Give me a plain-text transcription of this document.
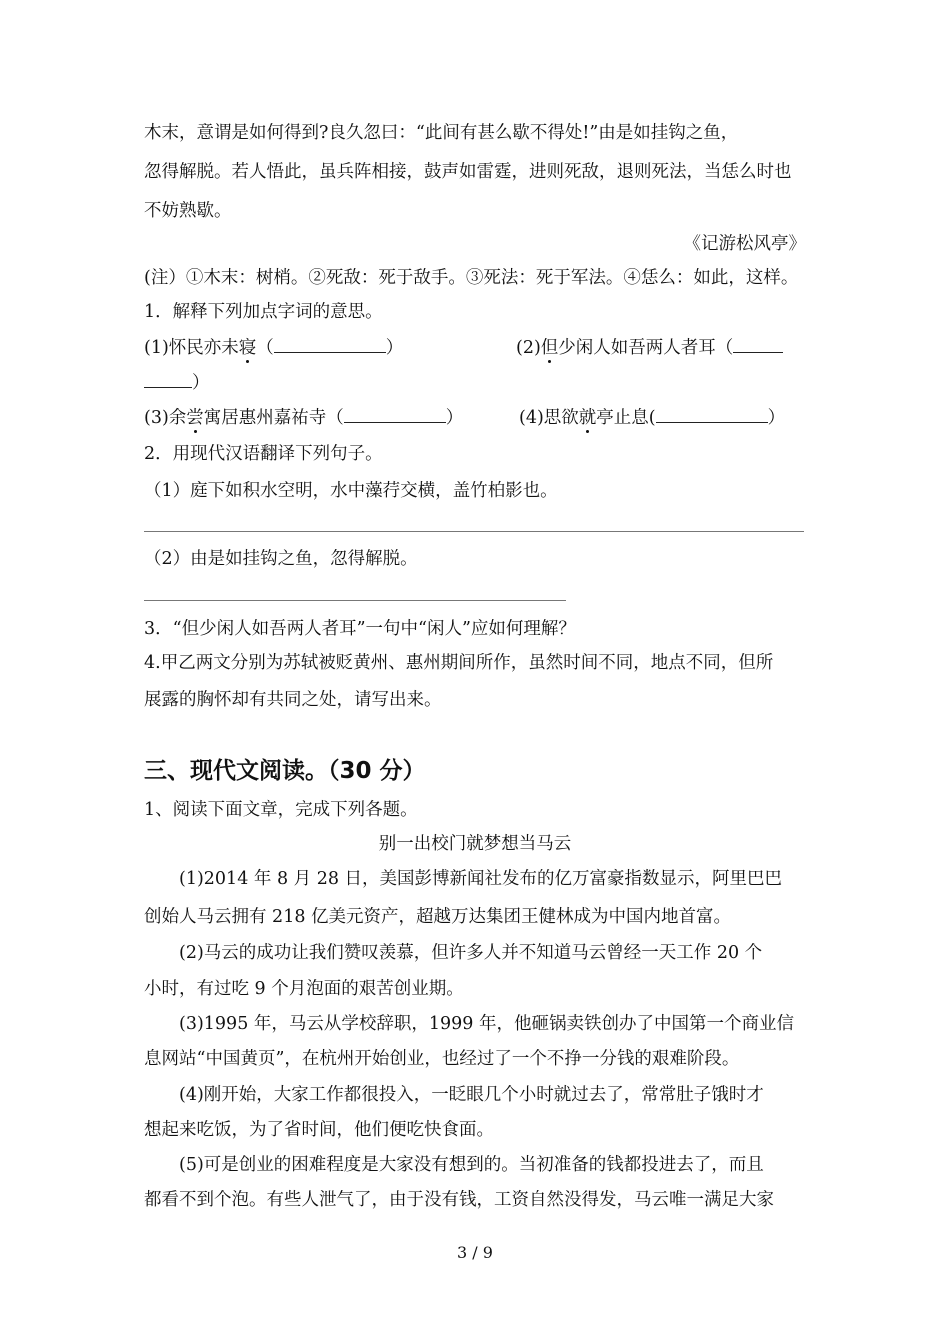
木末，意谓是如何得到?良久忽曰：“此间有甚么歇不得处!”由是如挂钩之鱼，
忽得解脱。若人悟此，虽兵阵相接，鼓声如雷霆，进则死敌，退则死法，当恁么时也
不妨熟歇。
《记游松风亭》
(注）①木末：树梢。②死敌：死于敌手。③死法：死于军法。④恁么：如此，这样。
1．解释下列加点字词的意思。
(1)怀民亦未寝（	）	(2)但少闲人如吾两人者耳（
）
(3)余尝寓居惠州嘉祐寺（	）	(4)思欲就亭止息(	）
2．用现代汉语翻译下列句子。
（1）庭下如积水空明，水中藻荇交横，盖竹柏影也。
（2）由是如挂钩之鱼，忽得解脱。
3．“但少闲人如吾两人者耳”一句中“闲人”应如何理解？
4.甲乙两文分别为苏轼被贬黄州、惠州期间所作，虽然时间不同，地点不同，但所
展露的胸怀却有共同之处，请写出来。
三、现代文阅读。（30 分）
1、阅读下面文章，完成下列各题。
别一出校门就梦想当马云
(1)2014 年 8 月 28 日，美国彭博新闻社发布的亿万富豪指数显示，阿里巴巴
创始人马云拥有 218 亿美元资产，超越万达集团王健林成为中国内地首富。
(2)马云的成功让我们赞叹羡慕，但许多人并不知道马云曾经一天工作 20 个
小时，有过吃 9 个月泡面的艰苦创业期。
(3)1995 年，马云从学校辞职，1999 年，他砸锅卖铁创办了中国第一个商业信
息网站“中国黄页”，在杭州开始创业，也经过了一个不挣一分钱的艰难阶段。
(4)刚开始，大家工作都很投入，一眨眼几个小时就过去了，常常肚子饿时才
想起来吃饭，为了省时间，他们便吃快食面。
(5)可是创业的困难程度是大家没有想到的。当初准备的钱都投进去了，而且
都看不到个泡。有些人泄气了，由于没有钱，工资自然没得发，马云唯一满足大家
3 / 9
